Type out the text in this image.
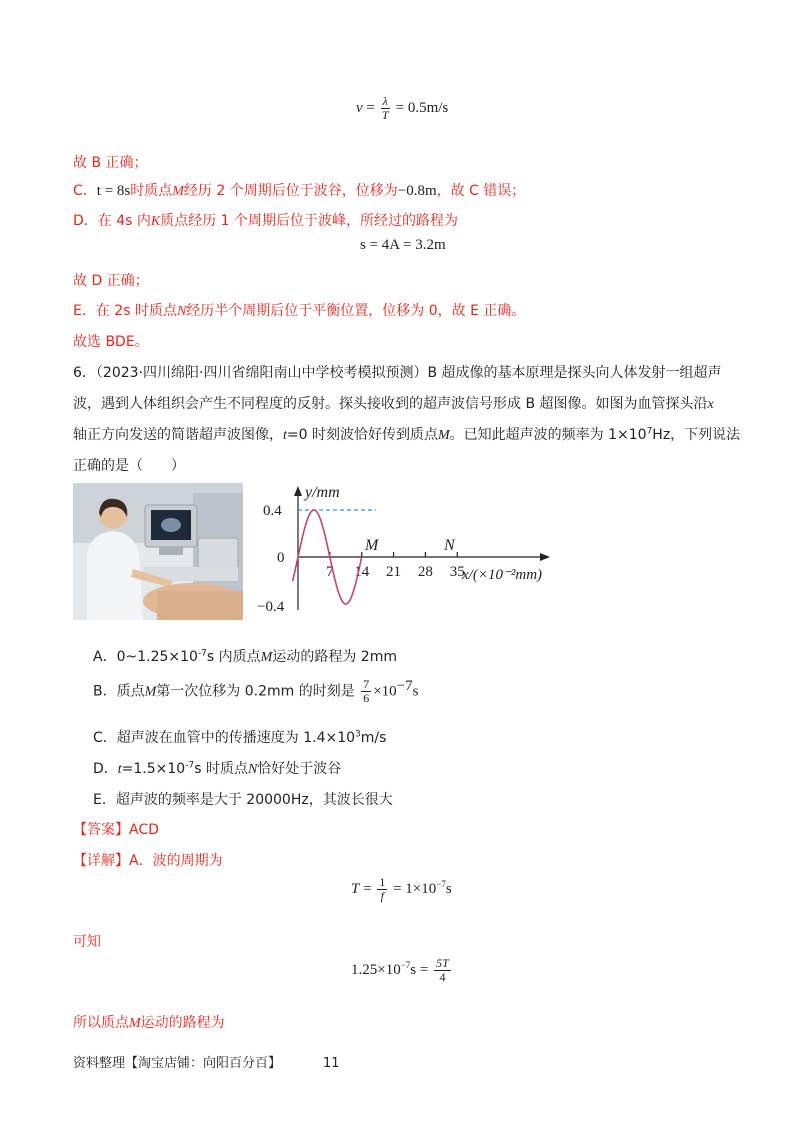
$v = \frac{\lambda}{T} = 0.5m/s$
故 B 正确；
C．t = 8s时质点M经历 2 个周期后位于波谷，位移为−0.8m，故 C 错误；
D．在 4s 内K质点经历 1 个周期后位于波峰，所经过的路程为
s = 4A = 3.2m
故 D 正确；
E．在 2s 时质点N经历半个周期后位于平衡位置，位移为 0，故 E 正确。
故选 BDE。
6．（2023·四川绵阳·四川省绵阳南山中学校考模拟预测）B 超成像的基本原理是探头向人体发射一组超声
波，遇到人体组织会产生不同程度的反射。探头接收到的超声波信号形成 B 超图像。如图为血管探头沿x
轴正方向发送的简谐超声波图像，t=0 时刻波恰好传到质点M。已知此超声波的频率为 $1\times 10^7Hz$，下列说法
正确的是（　　）
y/mm
x/(×10⁻²mm)
0.4
0
−0.4
7 14 21 28 35
M	N
A．$0\sim 1.25\times 10^{-7}s$ 内质点M运动的路程为 2mm
B．质点M第一次位移为 0.2mm 的时刻是 $\frac{7}{6} \times 10^{-7}s$
C．超声波在血管中的传播速度为 $1.4\times 10^3m/s$
D．$t=1.5\times 10^{-7}s$ 时质点N恰好处于波谷
E．超声波的频率是大于 20000Hz，其波长很大
【答案】ACD
【详解】A．波的周期为
$T = \frac{1}{f} = 1\times 10^{-7}s$
可知
$1.25\times 10^{-7}s = \frac{5T}{4}$
所以质点M运动的路程为
资料整理【淘宝店铺：向阳百分百】	11
